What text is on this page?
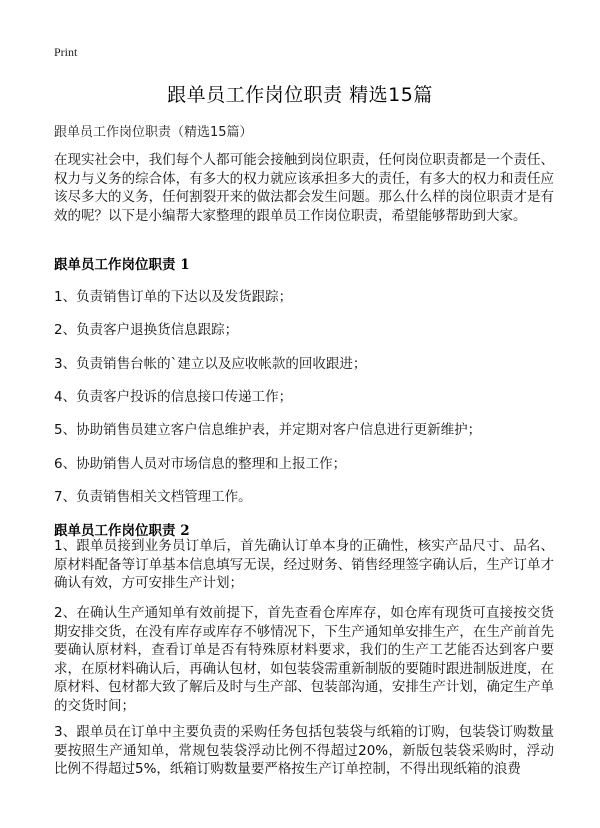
Print
跟单员工作岗位职责 精选15篇
跟单员工作岗位职责（精选15篇）
在现实社会中，我们每个人都可能会接触到岗位职责，任何岗位职责都是一个责任、权力与义务的综合体，有多大的权力就应该承担多大的责任，有多大的权力和责任应该尽多大的义务，任何割裂开来的做法都会发生问题。那么什么样的岗位职责才是有效的呢？以下是小编帮大家整理的跟单员工作岗位职责，希望能够帮助到大家。
跟单员工作岗位职责 1
1、负责销售订单的下达以及发货跟踪；
2、负责客户退换货信息跟踪；
3、负责销售台帐的`建立以及应收帐款的回收跟进；
4、负责客户投诉的信息接口传递工作；
5、协助销售员建立客户信息维护表，并定期对客户信息进行更新维护；
6、协助销售人员对市场信息的整理和上报工作；
7、负责销售相关文档管理工作。
跟单员工作岗位职责 2
1、跟单员接到业务员订单后，首先确认订单本身的正确性，核实产品尺寸、品名、原材料配备等订单基本信息填写无误，经过财务、销售经理签字确认后，生产订单才确认有效，方可安排生产计划；
2、在确认生产通知单有效前提下，首先查看仓库库存，如仓库有现货可直接按交货期安排交货，在没有库存或库存不够情况下，下生产通知单安排生产，在生产前首先要确认原材料，查看订单是否有特殊原材料要求，我们的生产工艺能否达到客户要求，在原材料确认后，再确认包材，如包装袋需重新制版的要随时跟进制版进度，在原材料、包材都大致了解后及时与生产部、包装部沟通，安排生产计划，确定生产单的交货时间；
3、跟单员在订单中主要负责的采购任务包括包装袋与纸箱的订购，包装袋订购数量要按照生产通知单，常规包装袋浮动比例不得超过20%，新版包装袋采购时，浮动比例不得超过5%，纸箱订购数量要严格按生产订单控制，不得出现纸箱的浪费
